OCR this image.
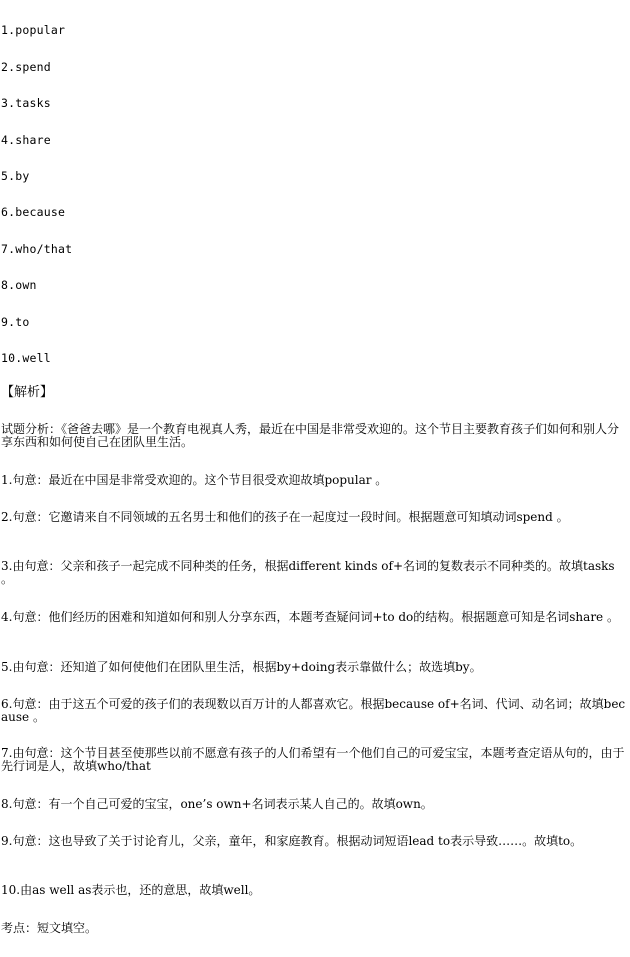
1.popular
2.spend
3.tasks
4.share
5.by
6.because
7.who/that
8.own
9.to
10.well
【解析】
试题分析：《爸爸去哪》是一个教育电视真人秀，最近在中国是非常受欢迎的。这个节目主要教育孩子们如何和别人分享东西和如何使自己在团队里生活。
1.句意：最近在中国是非常受欢迎的。这个节目很受欢迎故填popular 。
2.句意：它邀请来自不同领域的五名男士和他们的孩子在一起度过一段时间。根据题意可知填动词spend 。
3.由句意：父亲和孩子一起完成不同种类的任务，根据different kinds of+名词的复数表示不同种类的。故填tasks 。
4.句意：他们经历的困难和知道如何和别人分享东西，本题考查疑问词+to do的结构。根据题意可知是名词share 。
5.由句意：还知道了如何使他们在团队里生活，根据by+doing表示靠做什么；故选填by。
6.句意：由于这五个可爱的孩子们的表现数以百万计的人都喜欢它。根据because of+名词、代词、动名词；故填because 。
7.由句意：这个节目甚至使那些以前不愿意有孩子的人们希望有一个他们自己的可爱宝宝，本题考查定语从句的，由于先行词是人，故填who/that
8.句意：有一个自己可爱的宝宝，one’s own+名词表示某人自己的。故填own。
9.句意：这也导致了关于讨论育儿，父亲，童年，和家庭教育。根据动词短语lead to表示导致……。故填to。
10.由as well as表示也，还的意思，故填well。
考点：短文填空。
